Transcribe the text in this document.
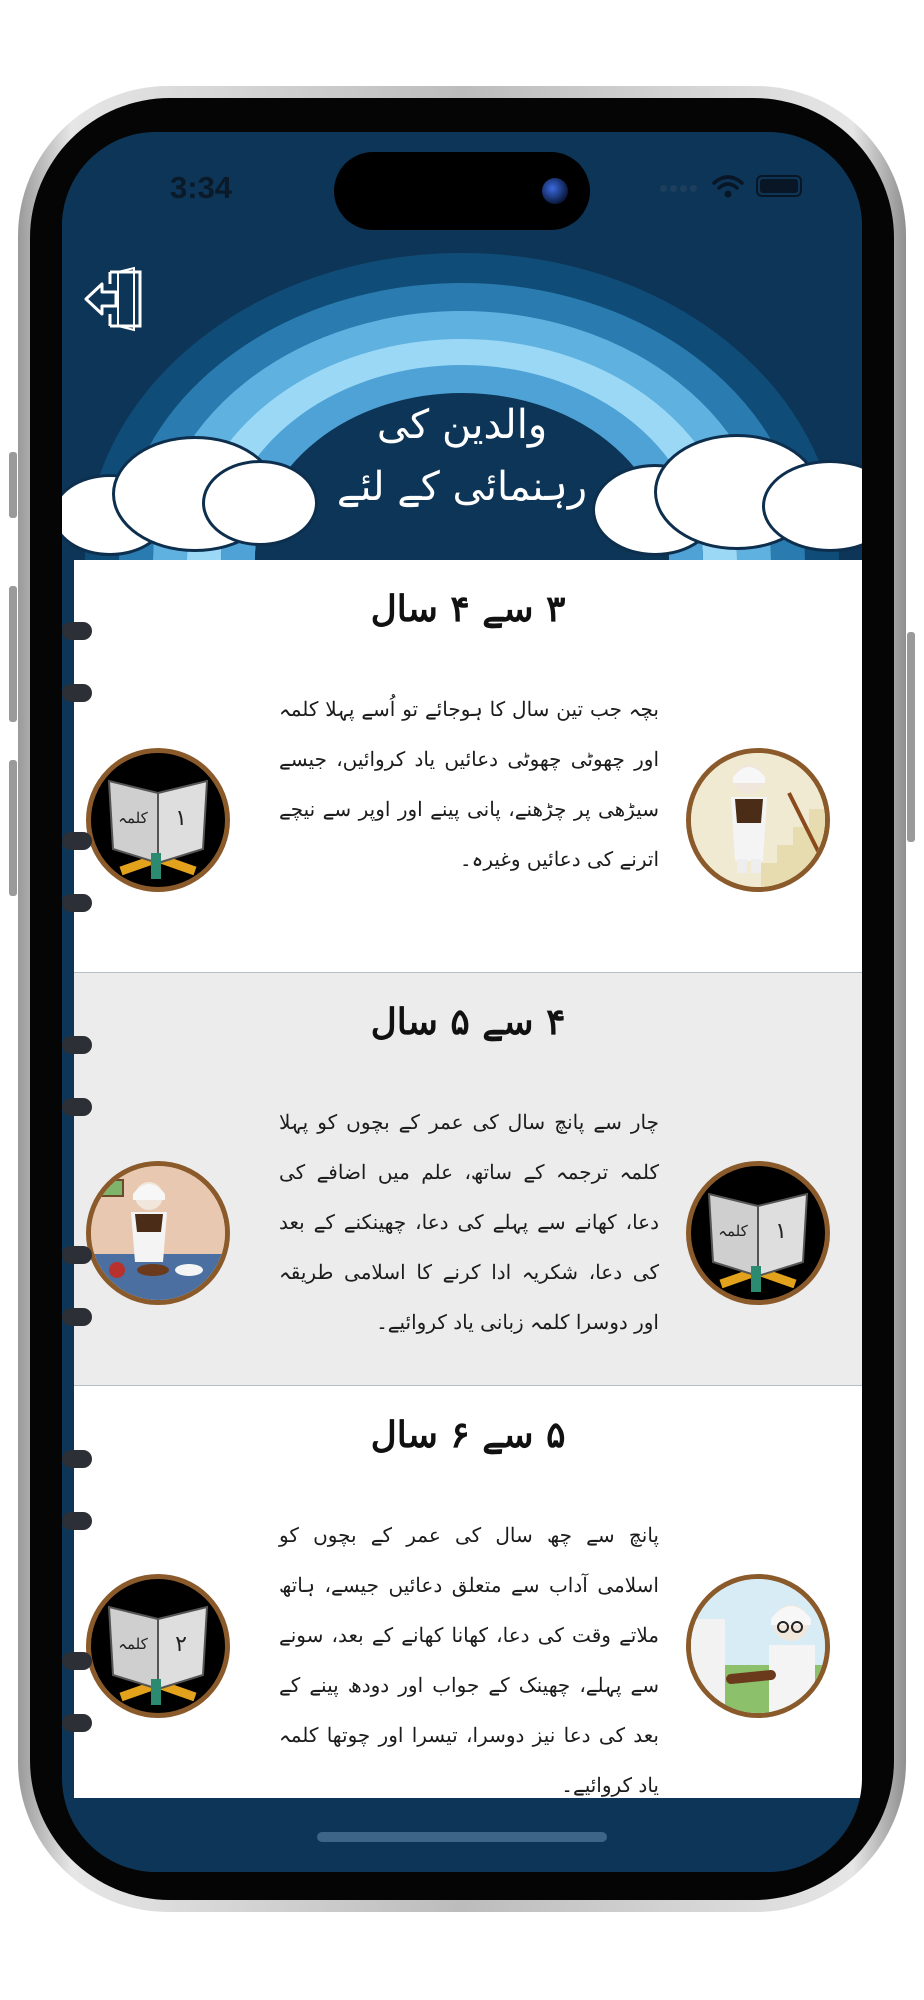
والدین کی
رہنمائی کے لئے
3:34
۳ سے ۴ سال

بچہ جب تین سال کا ہوجائے تو اُسے پہلا کلمہ اور چھوٹی چھوٹی دعائیں یاد کروائیں، جیسے سیڑھی پر چڑھنے، پانی پینے اور اوپر سے نیچے اترنے کی دعائیں وغیرہ۔

کلمہ ١
۴ سے ۵ سال

چار سے پانچ سال کی عمر کے بچوں کو پہلا کلمہ ترجمہ کے ساتھ، علم میں اضافے کی دعا، کھانے سے پہلے کی دعا، چھینکنے کے بعد کی دعا، شکریہ ادا کرنے کا اسلامی طریقہ اور دوسرا کلمہ زبانی یاد کروائیے۔

کلمہ ١
۵ سے ۶ سال

پانچ سے چھ سال کی عمر کے بچوں کو اسلامی آداب سے متعلق دعائیں جیسے، ہاتھ ملاتے وقت کی دعا، کھانا کھانے کے بعد، سونے سے پہلے، چھینک کے جواب اور دودھ پینے کے بعد کی دعا نیز دوسرا، تیسرا اور چوتھا کلمہ یاد کروائیے۔

کلمہ ٢
